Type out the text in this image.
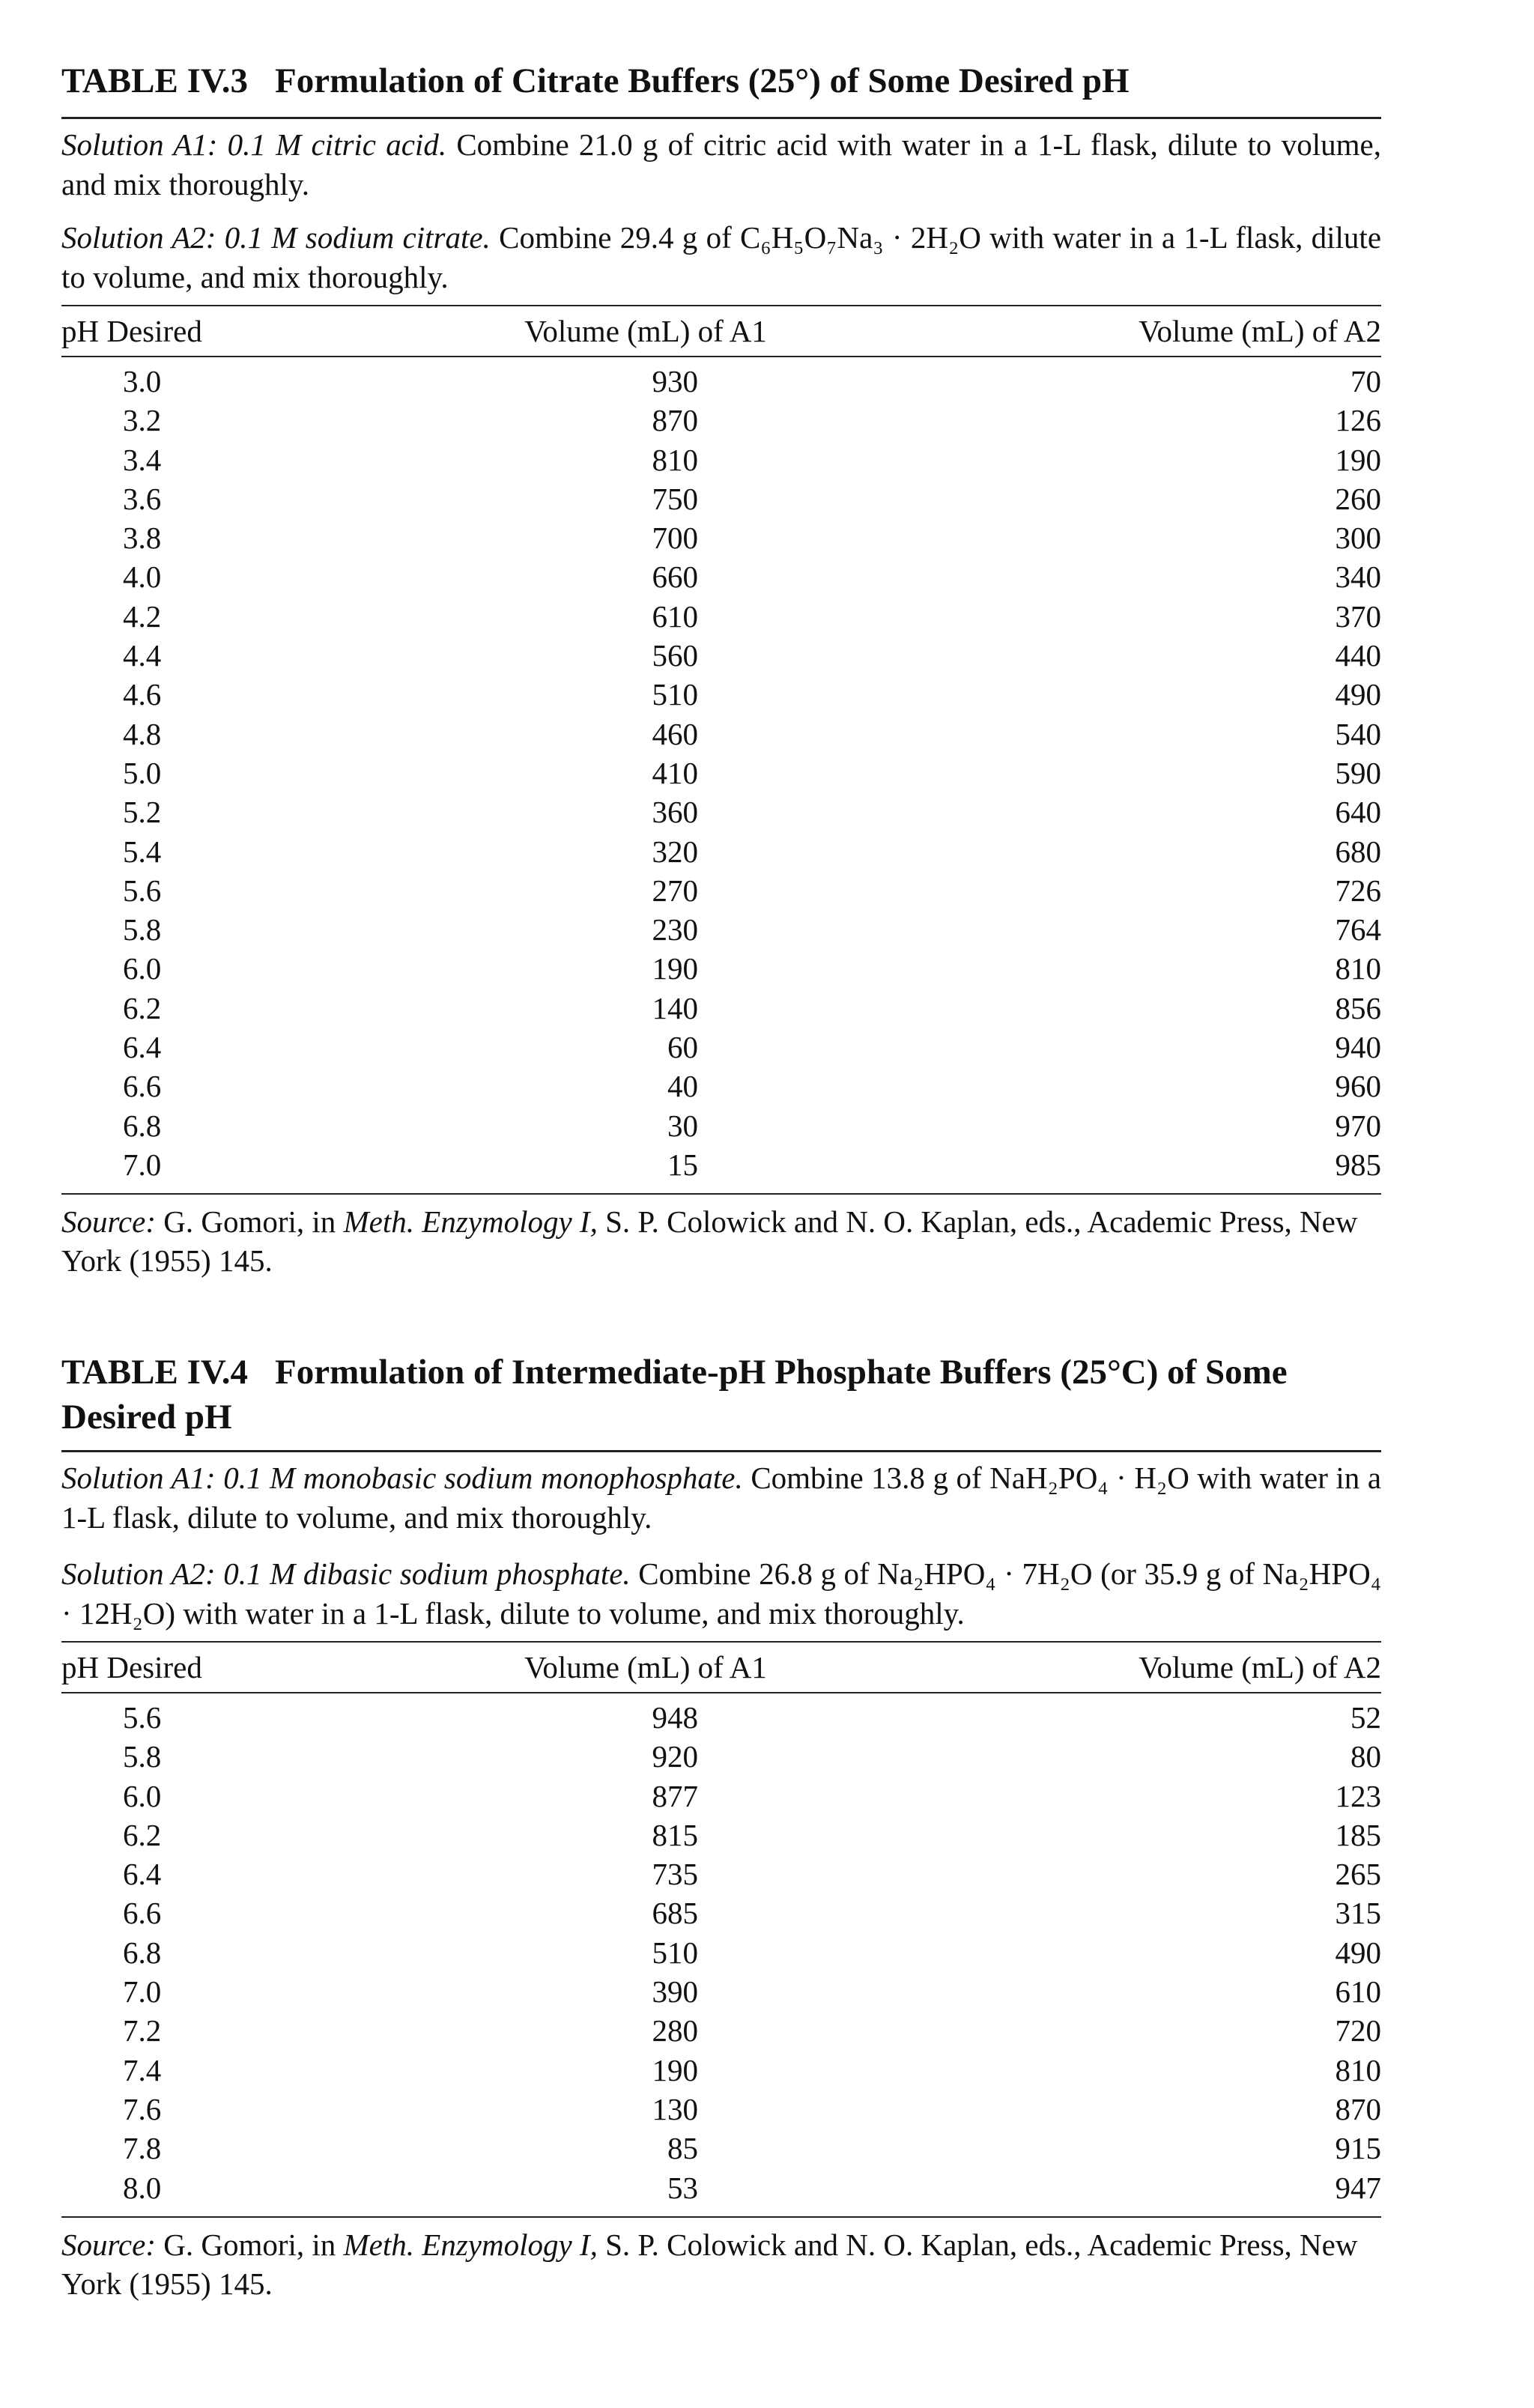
TABLE IV.3 Formulation of Citrate Buffers (25°) of Some Desired pH

Solution A1: 0.1 M citric acid. Combine 21.0 g of citric acid with water in a 1-L flask, dilute to volume, and mix thoroughly.

Solution A2: 0.1 M sodium citrate. Combine 29.4 g of C₆H₅O₇Na₃ · 2H₂O with water in a 1-L flask, dilute to volume, and mix thoroughly.

pH Desired	Volume (mL) of A1	Volume (mL) of A2
3.0	930	70
3.2	870	126
3.4	810	190
3.6	750	260
3.8	700	300
4.0	660	340
4.2	610	370
4.4	560	440
4.6	510	490
4.8	460	540
5.0	410	590
5.2	360	640
5.4	320	680
5.6	270	726
5.8	230	764
6.0	190	810
6.2	140	856
6.4	60	940
6.6	40	960
6.8	30	970
7.0	15	985

Source: G. Gomori, in Meth. Enzymology I, S. P. Colowick and N. O. Kaplan, eds., Academic Press, New York (1955) 145.

TABLE IV.4 Formulation of Intermediate-pH Phosphate Buffers (25°C) of Some Desired pH

Solution A1: 0.1 M monobasic sodium monophosphate. Combine 13.8 g of NaH₂PO₄ · H₂O with water in a 1-L flask, dilute to volume, and mix thoroughly.

Solution A2: 0.1 M dibasic sodium phosphate. Combine 26.8 g of Na₂HPO₄ · 7H₂O (or 35.9 g of Na₂HPO₄ · 12H₂O) with water in a 1-L flask, dilute to volume, and mix thoroughly.

pH Desired	Volume (mL) of A1	Volume (mL) of A2
5.6	948	52
5.8	920	80
6.0	877	123
6.2	815	185
6.4	735	265
6.6	685	315
6.8	510	490
7.0	390	610
7.2	280	720
7.4	190	810
7.6	130	870
7.8	85	915
8.0	53	947

Source: G. Gomori, in Meth. Enzymology I, S. P. Colowick and N. O. Kaplan, eds., Academic Press, New York (1955) 145.
